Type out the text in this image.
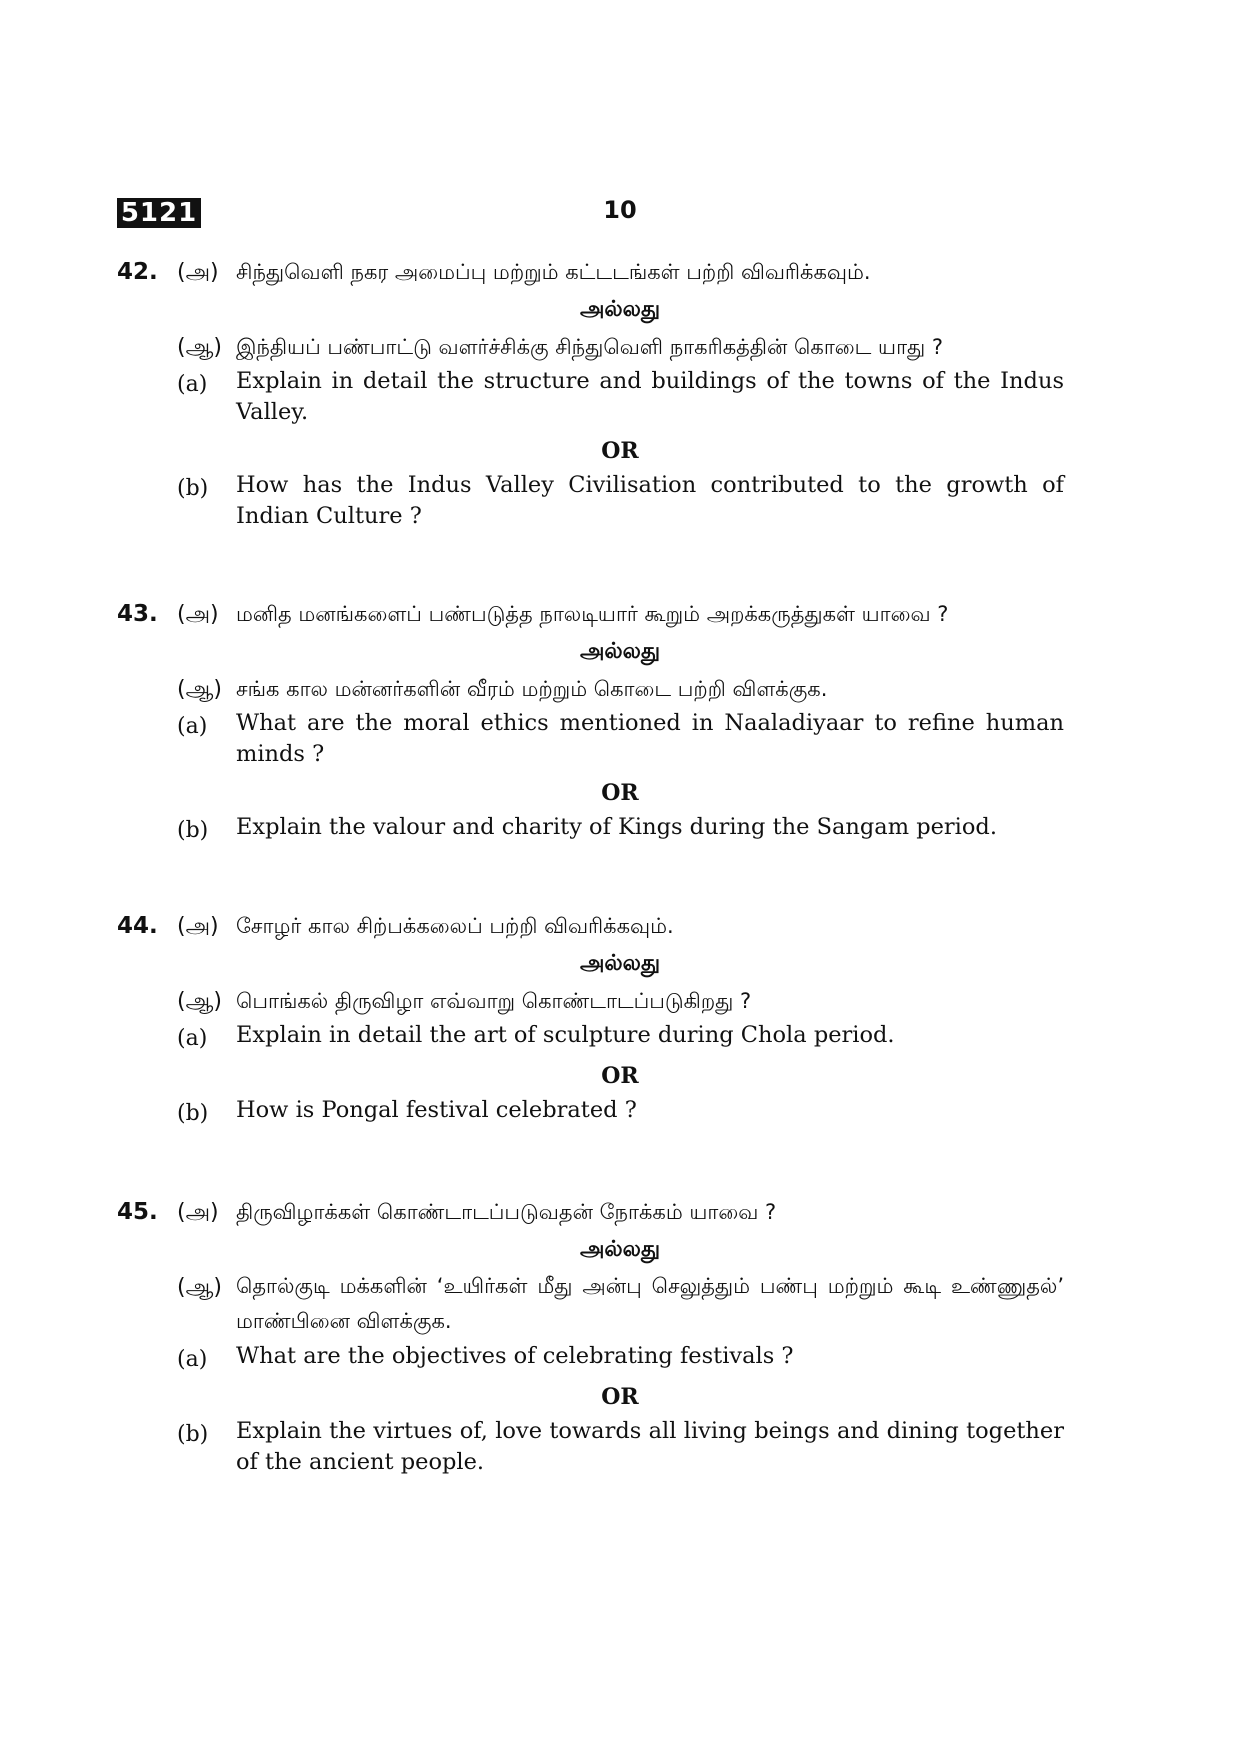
5121	10
42. (அ) சிந்துவெளி நகர அமைப்பு மற்றும் கட்டடங்கள் பற்றி விவரிக்கவும்.
அல்லது
(ஆ) இந்தியப் பண்பாட்டு வளர்ச்சிக்கு சிந்துவெளி நாகரிகத்தின் கொடை யாது ?
(a) Explain in detail the structure and buildings of the towns of the Indus Valley.
OR
(b) How has the Indus Valley Civilisation contributed to the growth of Indian Culture ?
43. (அ) மனித மனங்களைப் பண்படுத்த நாலடியார் கூறும் அறக்கருத்துகள் யாவை ?
அல்லது
(ஆ) சங்க கால மன்னர்களின் வீரம் மற்றும் கொடை பற்றி விளக்குக.
(a) What are the moral ethics mentioned in Naaladiyaar to refine human minds ?
OR
(b) Explain the valour and charity of Kings during the Sangam period.
44. (அ) சோழர் கால சிற்பக்கலைப் பற்றி விவரிக்கவும்.
அல்லது
(ஆ) பொங்கல் திருவிழா எவ்வாறு கொண்டாடப்படுகிறது ?
(a) Explain in detail the art of sculpture during Chola period.
OR
(b) How is Pongal festival celebrated ?
45. (அ) திருவிழாக்கள் கொண்டாடப்படுவதன் நோக்கம் யாவை ?
அல்லது
(ஆ) தொல்குடி மக்களின் ‘உயிர்கள் மீது அன்பு செலுத்தும் பண்பு மற்றும் கூடி உண்ணுதல்’ மாண்பினை விளக்குக.
(a) What are the objectives of celebrating festivals ?
OR
(b) Explain the virtues of, love towards all living beings and dining together of the ancient people.
